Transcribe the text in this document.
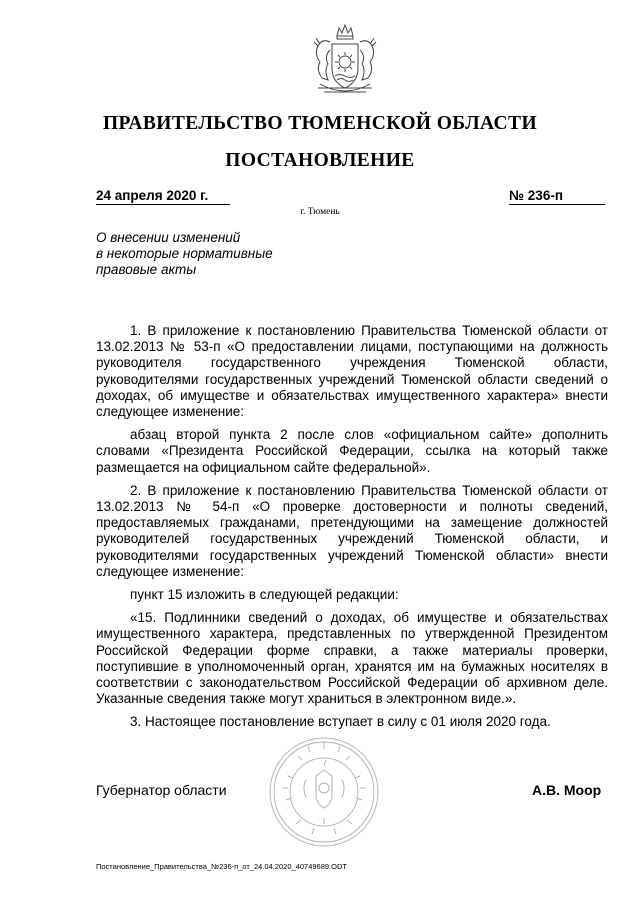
ПРАВИТЕЛЬСТВО ТЮМЕНСКОЙ ОБЛАСТИ
ПОСТАНОВЛЕНИЕ
24 апреля 2020 г.	№ 236-п
г. Тюмень
О внесении изменений
в некоторые нормативные
правовые акты

1. В приложение к постановлению Правительства Тюменской области от 13.02.2013 № 53-п «О предоставлении лицами, поступающими на должность руководителя государственного учреждения Тюменской области, руководителями государственных учреждений Тюменской области сведений о доходах, об имуществе и обязательствах имущественного характера» внести следующее изменение:

абзац второй пункта 2 после слов «официальном сайте» дополнить словами «Президента Российской Федерации, ссылка на который также размещается на официальном сайте федеральной».

2. В приложение к постановлению Правительства Тюменской области от 13.02.2013 № 54-п «О проверке достоверности и полноты сведений, предоставляемых гражданами, претендующими на замещение должностей руководителей государственных учреждений Тюменской области, и руководителями государственных учреждений Тюменской области» внести следующее изменение:

пункт 15 изложить в следующей редакции:

«15. Подлинники сведений о доходах, об имуществе и обязательствах имущественного характера, представленных по утвержденной Президентом Российской Федерации форме справки, а также материалы проверки, поступившие в уполномоченный орган, хранятся им на бумажных носителях в соответствии с законодательством Российской Федерации об архивном деле. Указанные сведения также могут храниться в электронном виде.».

3. Настоящее постановление вступает в силу с 01 июля 2020 года.

Губернатор области	А.В. Моор
Постановление_Правительства_№236-п_от_24.04.2020_40749689.ODT
